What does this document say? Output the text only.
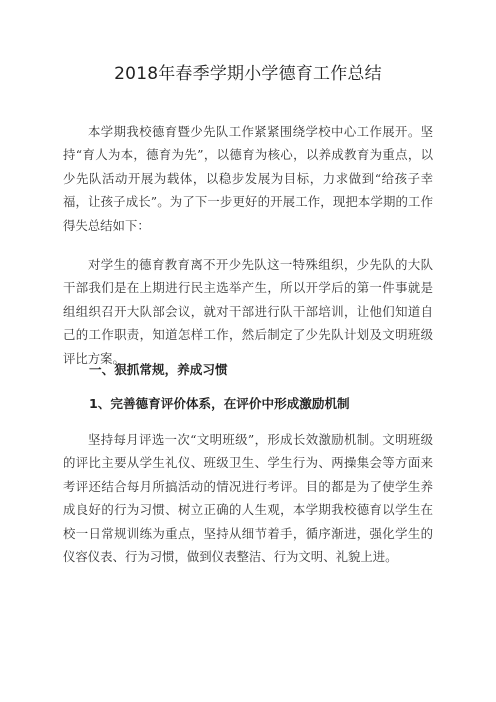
2018年春季学期小学德育工作总结

本学期我校德育暨少先队工作紧紧围绕学校中心工作展开。坚持“育人为本，德育为先”，以德育为核心，以养成教育为重点，以少先队活动开展为载体，以稳步发展为目标，力求做到“给孩子幸福，让孩子成长”。为了下一步更好的开展工作，现把本学期的工作得失总结如下：

对学生的德育教育离不开少先队这一特殊组织，少先队的大队干部我们是在上期进行民主选举产生，所以开学后的第一件事就是组组织召开大队部会议，就对干部进行队干部培训，让他们知道自己的工作职责，知道怎样工作，然后制定了少先队计划及文明班级评比方案。

一、狠抓常规，养成习惯
1、完善德育评价体系，在评价中形成激励机制

坚持每月评选一次“文明班级”，形成长效激励机制。文明班级的评比主要从学生礼仪、班级卫生、学生行为、两操集会等方面来考评还结合每月所搞活动的情况进行考评。目的都是为了使学生养成良好的行为习惯、树立正确的人生观，本学期我校德育以学生在校一日常规训练为重点，坚持从细节着手，循序渐进，强化学生的仪容仪表、行为习惯，做到仪表整洁、行为文明、礼貌上进。
